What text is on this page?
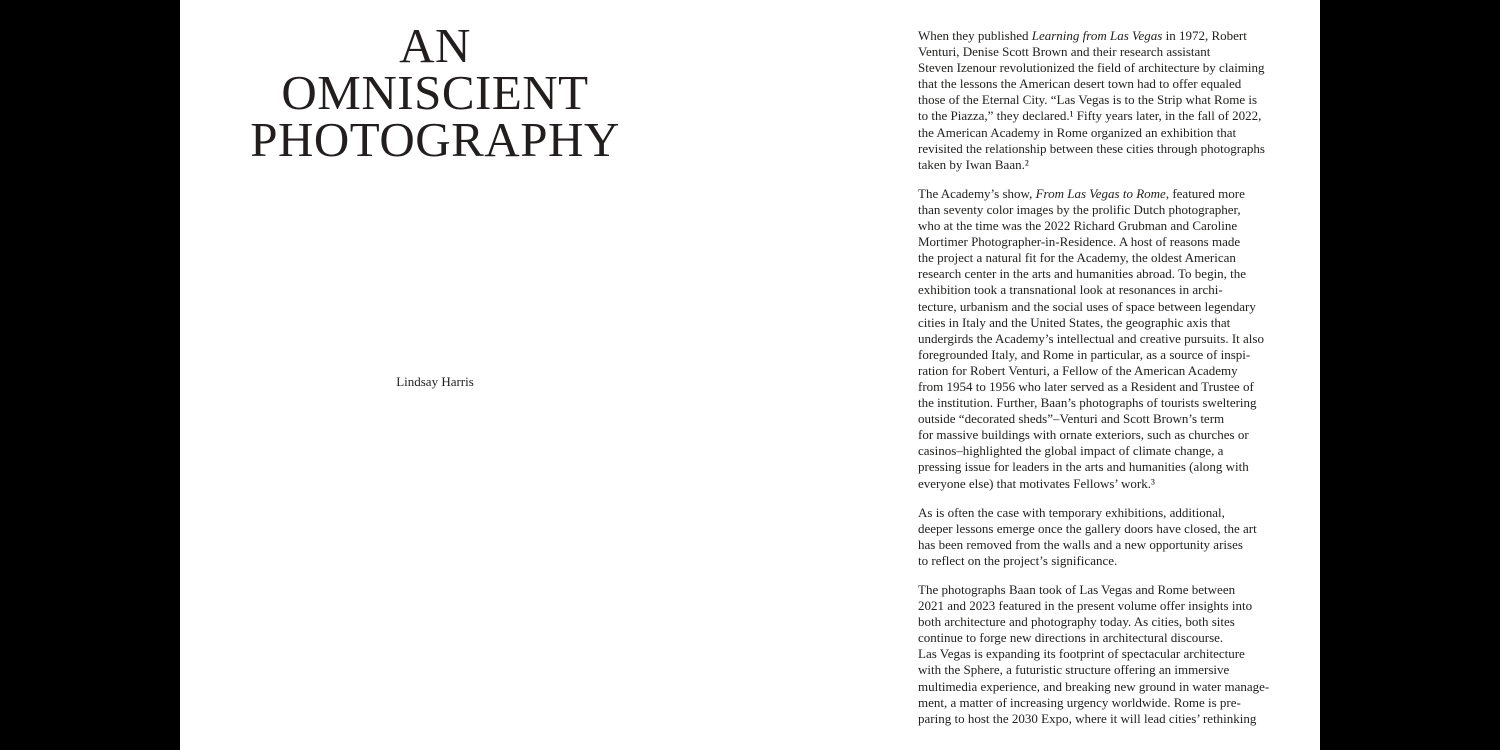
AN
OMNISCIENT
PHOTOGRAPHY
Lindsay Harris

When they published Learning from Las Vegas in 1972, Robert
Venturi, Denise Scott Brown and their research assistant
Steven Izenour revolutionized the field of architecture by claiming
that the lessons the American desert town had to offer equaled
those of the Eternal City. “Las Vegas is to the Strip what Rome is
to the Piazza,” they declared.¹ Fifty years later, in the fall of 2022,
the American Academy in Rome organized an exhibition that
revisited the relationship between these cities through photographs
taken by Iwan Baan.²

The Academy’s show, From Las Vegas to Rome, featured more
than seventy color images by the prolific Dutch photographer,
who at the time was the 2022 Richard Grubman and Caroline
Mortimer Photographer-in-Residence. A host of reasons made
the project a natural fit for the Academy, the oldest American
research center in the arts and humanities abroad. To begin, the
exhibition took a transnational look at resonances in archi-
tecture, urbanism and the social uses of space between legendary
cities in Italy and the United States, the geographic axis that
undergirds the Academy’s intellectual and creative pursuits. It also
foregrounded Italy, and Rome in particular, as a source of inspi-
ration for Robert Venturi, a Fellow of the American Academy
from 1954 to 1956 who later served as a Resident and Trustee of
the institution. Further, Baan’s photographs of tourists sweltering
outside “decorated sheds”–Venturi and Scott Brown’s term
for massive buildings with ornate exteriors, such as churches or
casinos–highlighted the global impact of climate change, a
pressing issue for leaders in the arts and humanities (along with
everyone else) that motivates Fellows’ work.³

As is often the case with temporary exhibitions, additional,
deeper lessons emerge once the gallery doors have closed, the art
has been removed from the walls and a new opportunity arises
to reflect on the project’s significance.

The photographs Baan took of Las Vegas and Rome between
2021 and 2023 featured in the present volume offer insights into
both architecture and photography today. As cities, both sites
continue to forge new directions in architectural discourse.
Las Vegas is expanding its footprint of spectacular architecture
with the Sphere, a futuristic structure offering an immersive
multimedia experience, and breaking new ground in water manage-
ment, a matter of increasing urgency worldwide. Rome is pre-
paring to host the 2030 Expo, where it will lead cities’ rethinking
